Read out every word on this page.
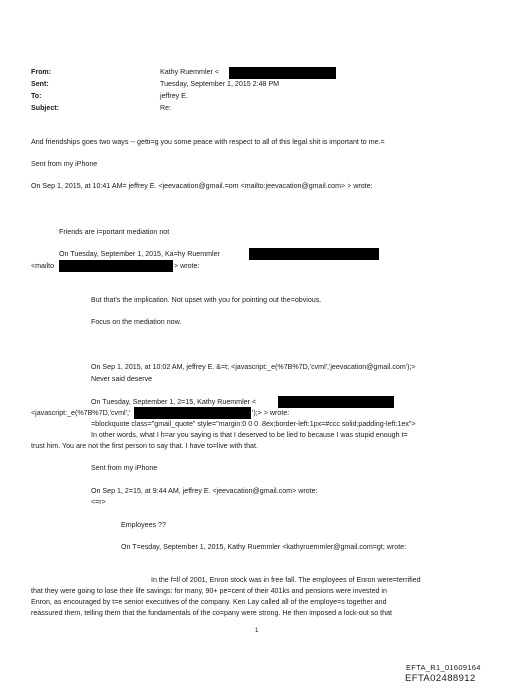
From:	Kathy Ruemmler <
Sent:	Tuesday, September 1, 2015 2:48 PM
To:	jeffrey E.
Subject:	Re:
And friendships goes two ways -- getti=g you some peace with respect to all of this legal shit is important to me.=
Sent from my iPhone
On Sep 1, 2015, at 10:41 AM= jeffrey E. <jeevacation@gmail.=om <mailto:jeevacation@gmail.com> > wrote:
Friends are i=portant mediation not
On Tuesday, September 1, 2015, Ka=hy Ruemmler
<mailto	> wrote:
But that's the implication. Not upset with you for pointing out the=obvious.
Focus on the mediation now.
On Sep 1, 2015, at 10:02 AM, jeffrey E. &=t; <javascript:_e(%7B%7D,'cvml','jeevacation@gmail.com');>
Never said deserve
On Tuesday, September 1, 2=15, Kathy Ruemmler <
<javascript:_e(%7B%7D,'cvml','	');> > wrote:
=blockquote class="gmail_quote" style="margin:0 0 0 .8ex;border-left:1px=#ccc solid;padding-left:1ex">
In other words, what I h=ar you saying is that I deserved to be lied to because I was stupid enough t=
trust him. You are not the first person to say that. I have to=live with that.
Sent from my iPhone
On Sep 1, 2=15, at 9:44 AM, jeffrey E. <jeevacation@gmail.com> wrote:
<=r>
Employees ??
On T=esday, September 1, 2015, Kathy Ruemmler <kathyruemmler@gmail.com=gt; wrote:
In the f=ll of 2001, Enron stock was in free fall. The employees of Enron were=terrified
that they were going to lose their life savings: for many, 90+ pe=cent of their 401ks and pensions were invested in
Enron, as encouraged by t=e senior executives of the company. Ken Lay called all of the employe=s together and
reassured them, telling them that the fundamentals of the co=pany were strong. He then imposed a lock-out so that
1
EFTA_R1_01609164
EFTA02488912
